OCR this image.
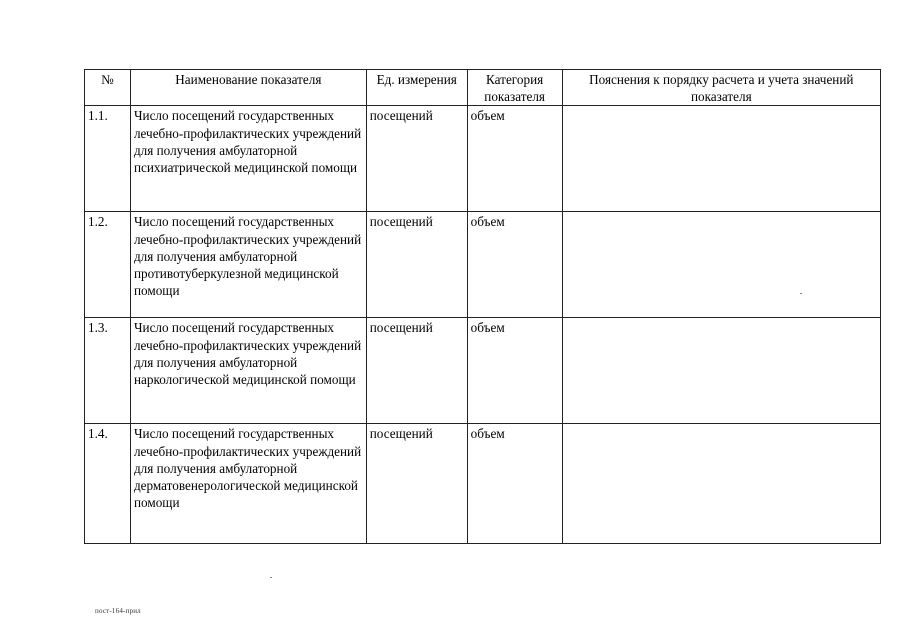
№	Наименование показателя	Ед. измерения	Категория показателя	Пояснения к порядку расчета и учета значений показателя
1.1.	Число посещений государственных лечебно-профилактических учреждений для получения амбулаторной психиатрической медицинской помощи	посещений	объем	
1.2.	Число посещений государственных лечебно-профилактических учреждений для получения амбулаторной противотуберкулезной медицинской помощи	посещений	объем	
1.3.	Число посещений государственных лечебно-профилактических учреждений для получения амбулаторной наркологической медицинской помощи	посещений	объем	
1.4.	Число посещений государственных лечебно-профилактических учреждений для получения амбулаторной дерматовенерологической медицинской помощи	посещений	объем	
пост-164-прил
